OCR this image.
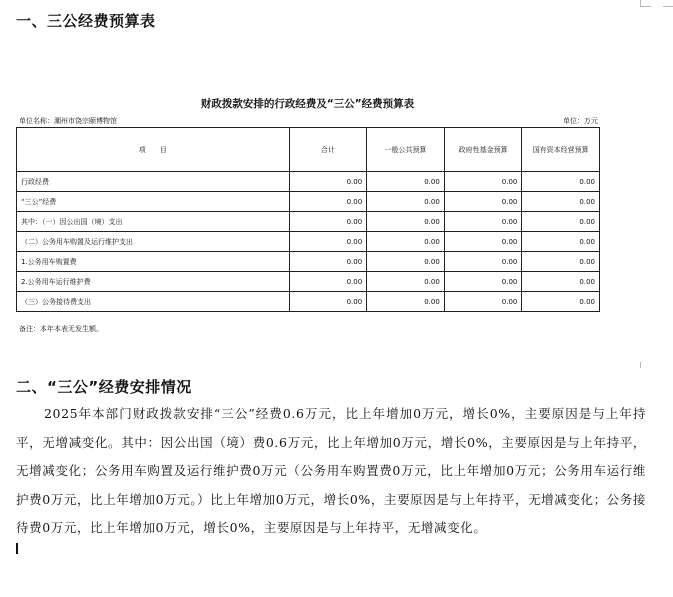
一、三公经费预算表
财政拨款安排的行政经费及“三公”经费预算表
单位名称：潮州市饶宗颐博物馆	单位：万元
项　　目	合计	一般公共预算	政府性基金预算	国有资本经营预算
行政经费	0.00	0.00	0.00	0.00
“三公”经费	0.00	0.00	0.00	0.00
其中：（一）因公出国（境）支出	0.00	0.00	0.00	0.00
（二）公务用车购置及运行维护支出	0.00	0.00	0.00	0.00
1.公务用车购置费	0.00	0.00	0.00	0.00
2.公务用车运行维护费	0.00	0.00	0.00	0.00
（三）公务接待费支出	0.00	0.00	0.00	0.00
备注：本年本表无发生额。
二、“三公”经费安排情况
2025年本部门财政拨款安排“三公”经费0.6万元，比上年增加0万元，增长0%，主要原因是与上年持平，无增减变化。其中：因公出国（境）费0.6万元，比上年增加0万元，增长0%，主要原因是与上年持平，无增减变化；公务用车购置及运行维护费0万元（公务用车购置费0万元，比上年增加0万元；公务用车运行维护费0万元，比上年增加0万元。）比上年增加0万元，增长0%，主要原因是与上年持平，无增减变化；公务接待费0万元，比上年增加0万元，增长0%，主要原因是与上年持平，无增减变化。
